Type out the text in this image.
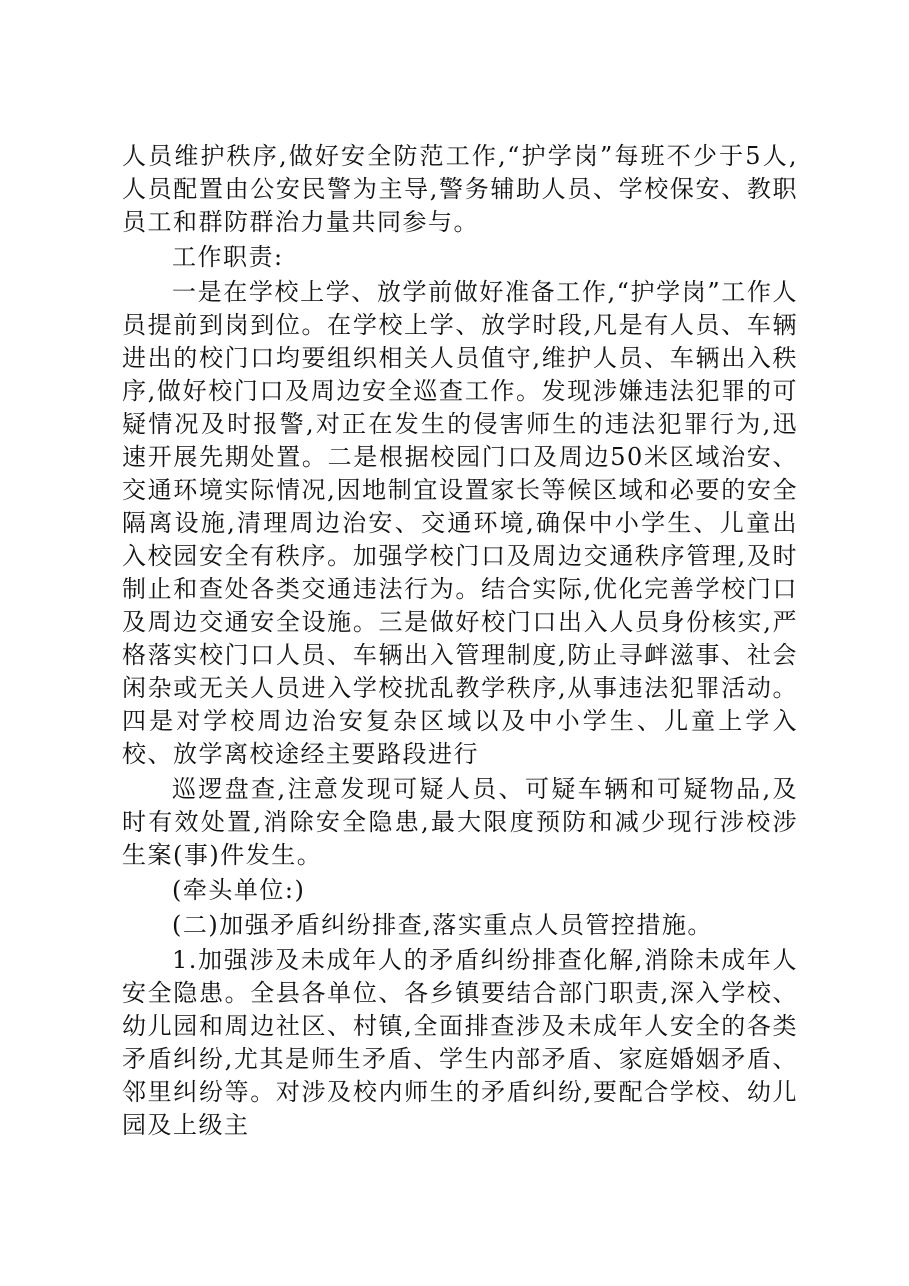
人员维护秩序,做好安全防范工作,“护学岗”每班不少于5人,人员配置由公安民警为主导,警务辅助人员、学校保安、教职员工和群防群治力量共同参与。

工作职责:

一是在学校上学、放学前做好准备工作,“护学岗”工作人员提前到岗到位。在学校上学、放学时段,凡是有人员、车辆进出的校门口均要组织相关人员值守,维护人员、车辆出入秩序,做好校门口及周边安全巡查工作。发现涉嫌违法犯罪的可疑情况及时报警,对正在发生的侵害师生的违法犯罪行为,迅速开展先期处置。二是根据校园门口及周边50米区域治安、交通环境实际情况,因地制宜设置家长等候区域和必要的安全隔离设施,清理周边治安、交通环境,确保中小学生、儿童出入校园安全有秩序。加强学校门口及周边交通秩序管理,及时制止和查处各类交通违法行为。结合实际,优化完善学校门口及周边交通安全设施。三是做好校门口出入人员身份核实,严格落实校门口人员、车辆出入管理制度,防止寻衅滋事、社会闲杂或无关人员进入学校扰乱教学秩序,从事违法犯罪活动。四是对学校周边治安复杂区域以及中小学生、儿童上学入校、放学离校途经主要路段进行

巡逻盘查,注意发现可疑人员、可疑车辆和可疑物品,及时有效处置,消除安全隐患,最大限度预防和减少现行涉校涉生案(事)件发生。

(牵头单位:)

(二)加强矛盾纠纷排查,落实重点人员管控措施。

1.加强涉及未成年人的矛盾纠纷排查化解,消除未成年人安全隐患。全县各单位、各乡镇要结合部门职责,深入学校、幼儿园和周边社区、村镇,全面排查涉及未成年人安全的各类矛盾纠纷,尤其是师生矛盾、学生内部矛盾、家庭婚姻矛盾、邻里纠纷等。对涉及校内师生的矛盾纠纷,要配合学校、幼儿园及上级主
